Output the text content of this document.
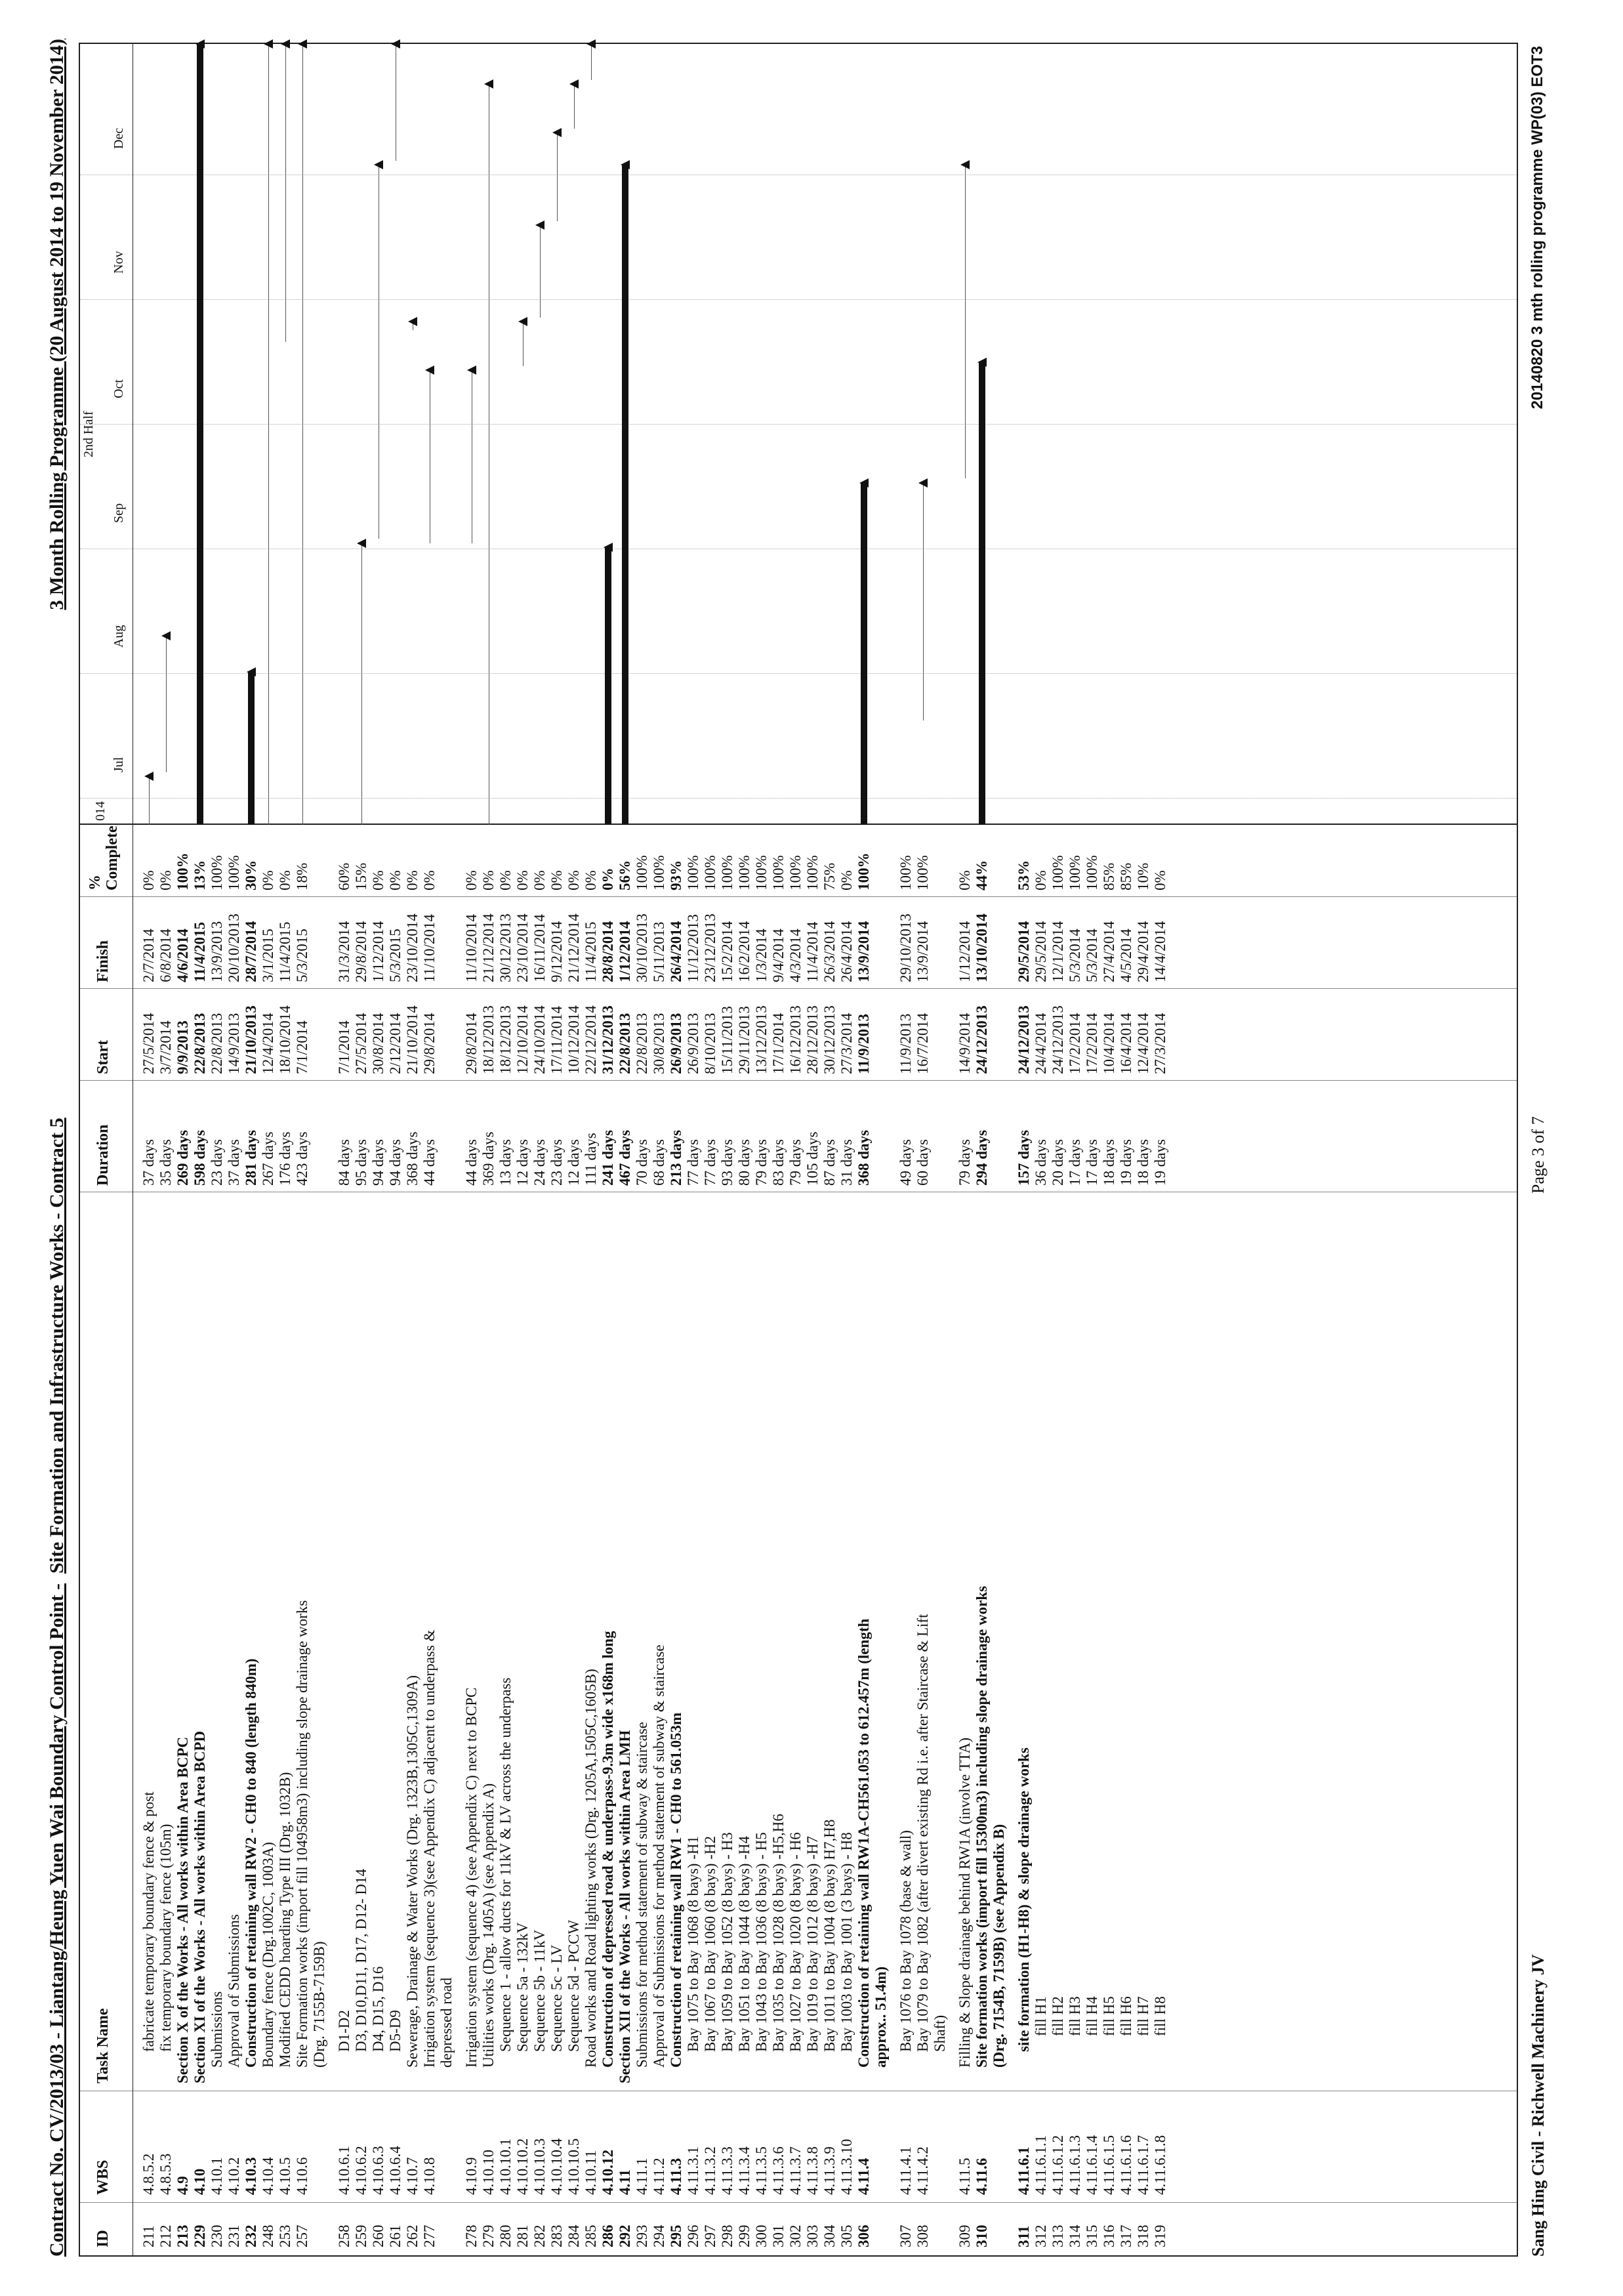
Contract No. CV/2013/03 - Liantang/Heung Yuen Wai Boundary Control Point -  Site Formation and Infrastructure Works - Contract 5
3 Month Rolling Programme (20 August 2014 to 19 November 2014)
ID
WBS
Task Name
Duration
Start
Finish
%
Complete
014
2nd Half
Jul
Aug
Sep
Oct
Nov
Dec
211
4.8.5.2
fabricate temporary boundary fence & post
37 days
27/5/2014
2/7/2014
0%
212
4.8.5.3
fix temporary boundary fence (105m)
35 days
3/7/2014
6/8/2014
0%
213
4.9
Section X of the Works - All works within Area BCPC
269 days
9/9/2013
4/6/2014
100%
229
4.10
Section XI of the Works - All works within Area BCPD
598 days
22/8/2013
11/4/2015
13%
230
4.10.1
Submissions
23 days
22/8/2013
13/9/2013
100%
231
4.10.2
Approval of Submissions
37 days
14/9/2013
20/10/2013
100%
232
4.10.3
Construction of retaining wall RW2 - CH0 to 840 (length 840m)
281 days
21/10/2013
28/7/2014
30%
248
4.10.4
Boundary fence (Drg.1002C, 1003A)
267 days
12/4/2014
3/1/2015
0%
253
4.10.5
Modified CEDD hoarding Type III (Drg. 1032B)
176 days
18/10/2014
11/4/2015
0%
257
4.10.6
Site Formation works (import fill 104958m3) including slope drainage works
423 days
7/1/2014
5/3/2015
18%
(Drg. 7155B-7159B)
258
4.10.6.1
D1-D2
84 days
7/1/2014
31/3/2014
60%
259
4.10.6.2
D3, D10,D11, D17, D12- D14
95 days
27/5/2014
29/8/2014
15%
260
4.10.6.3
D4, D15, D16
94 days
30/8/2014
1/12/2014
0%
261
4.10.6.4
D5-D9
94 days
2/12/2014
5/3/2015
0%
262
4.10.7
Sewerage, Drainage & Water Works (Drg. 1323B,1305C,1309A)
368 days
21/10/2014
23/10/2014
0%
277
4.10.8
Irrigation system (sequence 3)(see Appendix C) adjacent to underpass &
44 days
29/8/2014
11/10/2014
0%
depressed road
278
4.10.9
Irrigation system (sequence 4) (see Appendix C) next to BCPC
44 days
29/8/2014
11/10/2014
0%
279
4.10.10
Utilities works (Drg. 1405A) (see Appendix A)
369 days
18/12/2013
21/12/2014
0%
280
4.10.10.1
Sequence 1 - allow ducts for 11kV & LV across the underpass
13 days
18/12/2013
30/12/2013
0%
281
4.10.10.2
Sequence 5a - 132kV
12 days
12/10/2014
23/10/2014
0%
282
4.10.10.3
Sequence 5b - 11kV
24 days
24/10/2014
16/11/2014
0%
283
4.10.10.4
Sequence 5c - LV
23 days
17/11/2014
9/12/2014
0%
284
4.10.10.5
Sequence 5d - PCCW
12 days
10/12/2014
21/12/2014
0%
285
4.10.11
Road works and Road lighting works (Drg. 1205A,1505C,1605B)
111 days
22/12/2014
11/4/2015
0%
286
4.10.12
Construction of depressed road & underpass-9.3m wide x168m long
241 days
31/12/2013
28/8/2014
0%
292
4.11
Section XII of the Works - All works within Area LMH
467 days
22/8/2013
1/12/2014
56%
293
4.11.1
Submissions for method statement of subway & staircase
70 days
22/8/2013
30/10/2013
100%
294
4.11.2
Approval of Submissions for method statement of subway & staircase
68 days
30/8/2013
5/11/2013
100%
295
4.11.3
Construction of retaining wall RW1 - CH0 to 561.053m
213 days
26/9/2013
26/4/2014
93%
296
4.11.3.1
Bay 1075 to Bay 1068 (8 bays) -H1
77 days
26/9/2013
11/12/2013
100%
297
4.11.3.2
Bay 1067 to Bay 1060 (8 bays) -H2
77 days
8/10/2013
23/12/2013
100%
298
4.11.3.3
Bay 1059 to Bay 1052 (8 bays) - H3
93 days
15/11/2013
15/2/2014
100%
299
4.11.3.4
Bay 1051 to Bay 1044 (8 bays) -H4
80 days
29/11/2013
16/2/2014
100%
300
4.11.3.5
Bay 1043 to Bay 1036 (8 bays) - H5
79 days
13/12/2013
1/3/2014
100%
301
4.11.3.6
Bay 1035 to Bay 1028 (8 bays) -H5,H6
83 days
17/1/2014
9/4/2014
100%
302
4.11.3.7
Bay 1027 to Bay 1020 (8 bays) - H6
79 days
16/12/2013
4/3/2014
100%
303
4.11.3.8
Bay 1019 to Bay 1012 (8 bays) -H7
105 days
28/12/2013
11/4/2014
100%
304
4.11.3.9
Bay 1011 to Bay 1004 (8 bays) H7,H8
87 days
30/12/2013
26/3/2014
75%
305
4.11.3.10
Bay 1003 to Bay 1001 (3 bays) - H8
31 days
27/3/2014
26/4/2014
0%
306
4.11.4
Construction of retaining wall RW1A-CH561.053 to 612.457m (length
368 days
11/9/2013
13/9/2014
100%
approx.. 51.4m)
307
4.11.4.1
Bay 1076 to Bay 1078 (base & wall)
49 days
11/9/2013
29/10/2013
100%
308
4.11.4.2
Bay 1079 to Bay 1082 (after divert existing Rd i.e. after Staircase & Lift
60 days
16/7/2014
13/9/2014
100%
Shaft)
309
4.11.5
Filling & Slope drainage behind RW1A (involve TTA)
79 days
14/9/2014
1/12/2014
0%
310
4.11.6
Site formation works (import fill 15300m3) including slope drainage works
294 days
24/12/2013
13/10/2014
44%
(Drg. 7154B, 7159B) (see Appendix B)
311
4.11.6.1
site formation (H1-H8) & slope drainage works
157 days
24/12/2013
29/5/2014
53%
312
4.11.6.1.1
fill H1
36 days
24/4/2014
29/5/2014
0%
313
4.11.6.1.2
fill H2
20 days
24/12/2013
12/1/2014
100%
314
4.11.6.1.3
fill H3
17 days
17/2/2014
5/3/2014
100%
315
4.11.6.1.4
fill H4
17 days
17/2/2014
5/3/2014
100%
316
4.11.6.1.5
fill H5
18 days
10/4/2014
27/4/2014
85%
317
4.11.6.1.6
fill H6
19 days
16/4/2014
4/5/2014
85%
318
4.11.6.1.7
fill H7
18 days
12/4/2014
29/4/2014
10%
319
4.11.6.1.8
fill H8
19 days
27/3/2014
14/4/2014
0%
Sang Hing Civil - Richwell Machinery JV
Page 3 of 7
20140820 3 mth rolling programme WP(03) EOT3
